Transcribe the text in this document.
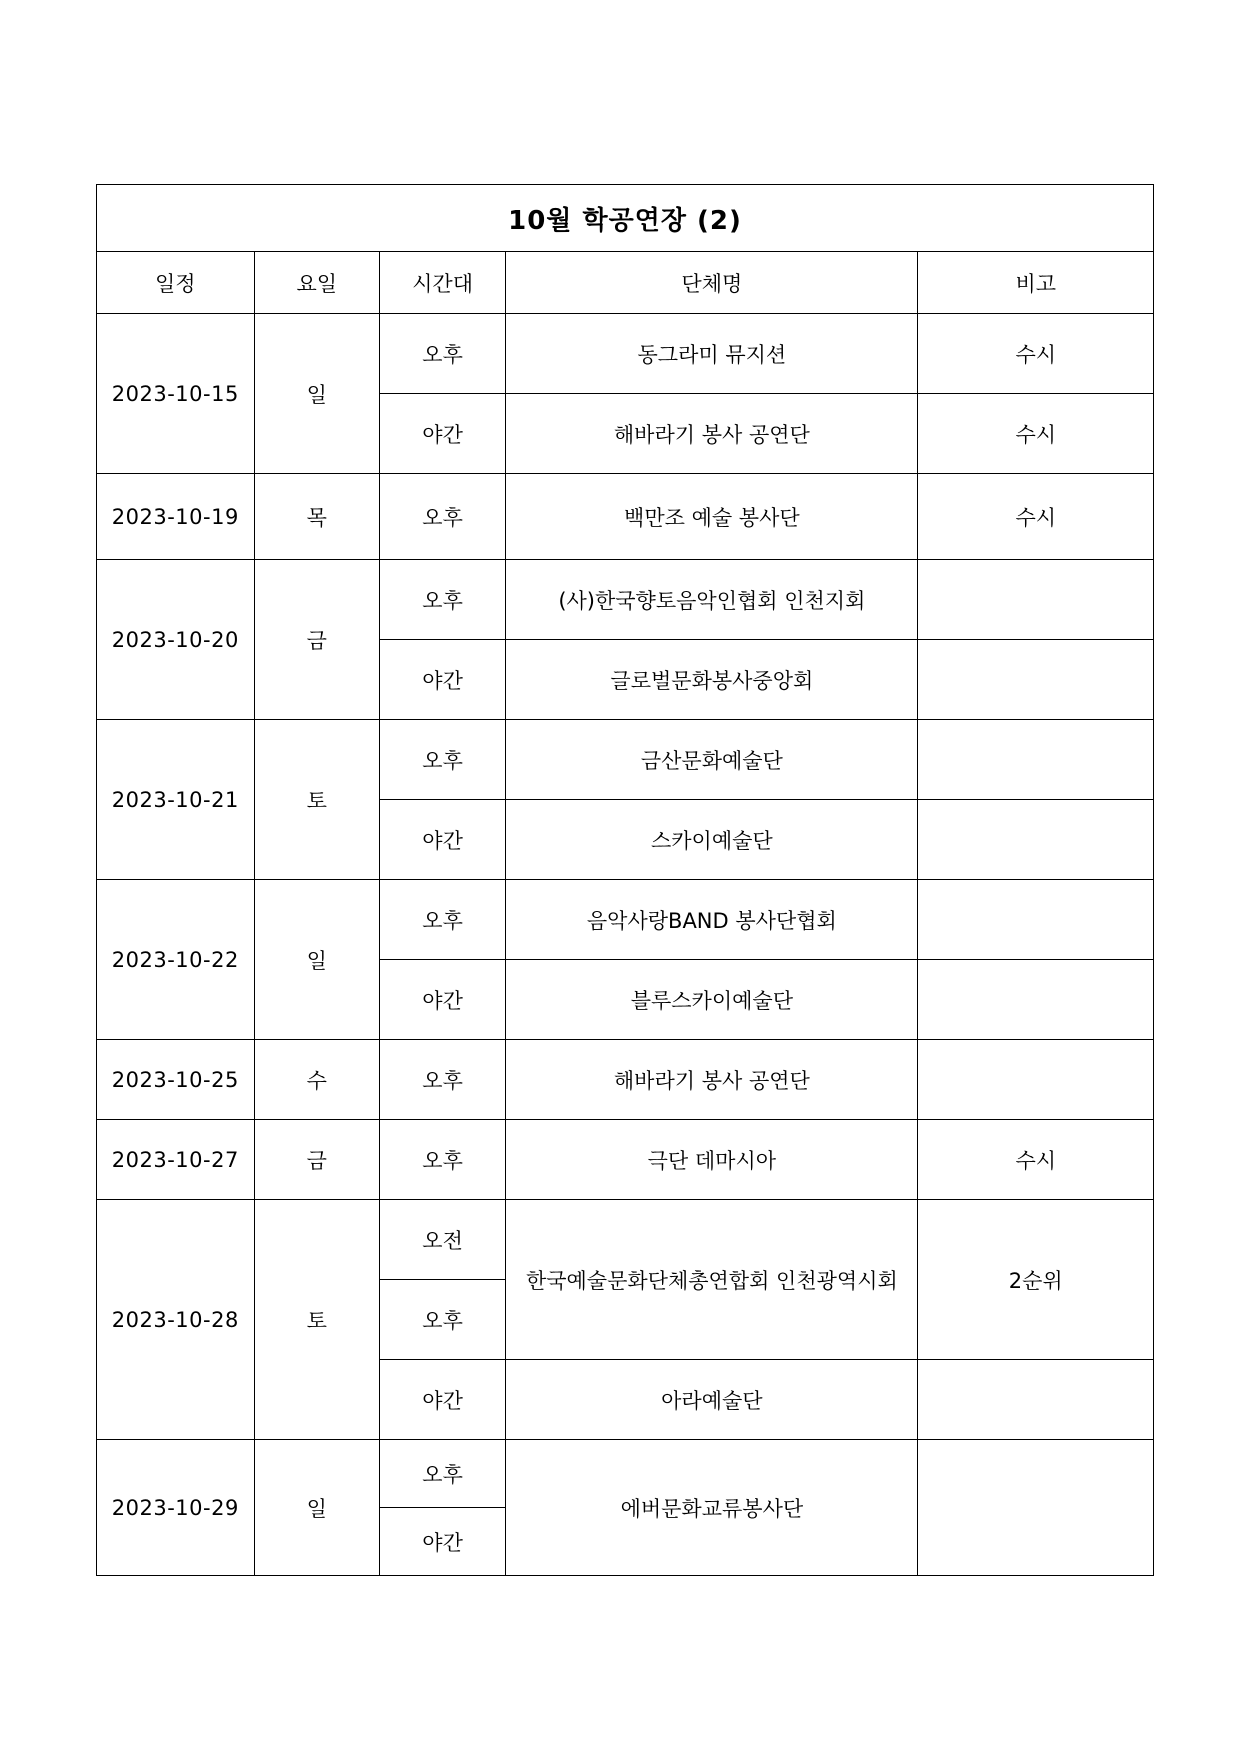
10월 학공연장 (2)				
일정	요일	시간대	단체명	비고
2023-10-15	일	오후	동그라미 뮤지션	수시
		야간	해바라기 봉사 공연단	수시
2023-10-19	목	오후	백만조 예술 봉사단	수시
2023-10-20	금	오후	(사)한국향토음악인협회 인천지회	
		야간	글로벌문화봉사중앙회	
2023-10-21	토	오후	금산문화예술단	
		야간	스카이예술단	
2023-10-22	일	오후	음악사랑BAND 봉사단협회	
		야간	블루스카이예술단	
2023-10-25	수	오후	해바라기 봉사 공연단	
2023-10-27	금	오후	극단 데마시아	수시
2023-10-28	토	오전	한국예술문화단체총연합회 인천광역시회	2순위
		오후		
		야간	아라예술단	
2023-10-29	일	오후	에버문화교류봉사단	
		야간		
